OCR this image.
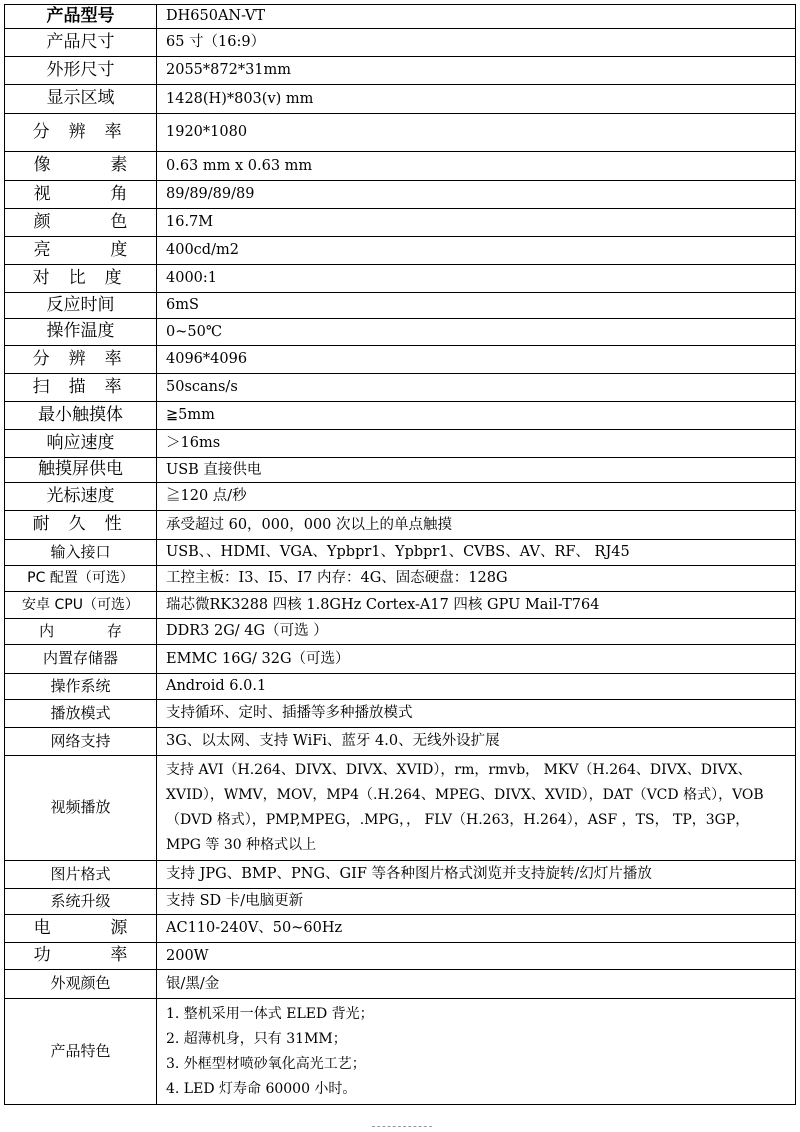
产品型号	DH650AN-VT
产品尺寸	65 寸（16:9）
外形尺寸	2055*872*31mm
显示区域	1428(H)*803(v) mm
分 辨 率	1920*1080
像 素	0.63 mm x 0.63 mm
视 角	89/89/89/89
颜 色	16.7M
亮 度	400cd/m2
对 比 度	4000:1
反应时间	6mS
操作温度	0~50℃
分 辨 率	4096*4096
扫 描 率	50scans/s
最小触摸体	≧5mm
响应速度	＞16ms
触摸屏供电	USB 直接供电
光标速度	≧120 点/秒
耐 久 性	承受超过 60，000，000 次以上的单点触摸
输入接口	USB、、HDMI、VGA、Ypbpr1、Ypbpr1、CVBS、AV、RF、 RJ45
PC 配置（可选）	工控主板：I3、I5、I7 内存：4G、固态硬盘：128G
安卓 CPU（可选）	瑞芯微RK3288 四核 1.8GHz Cortex-A17 四核 GPU Mail-T764
内 存	DDR3 2G/ 4G（可选 ）
内置存储器	EMMC 16G/ 32G（可选）
操作系统	Android 6.0.1
播放模式	支持循环、定时、插播等多种播放模式
网络支持	3G、以太网、支持 WiFi、蓝牙 4.0、无线外设扩展
视频播放	支持 AVI（H.264、DIVX、DIVX、XVID），rm，rmvb， MKV（H.264、DIVX、DIVX、
XVID），WMV，MOV，MP4（.H.264、MPEG、DIVX、XVID），DAT（VCD 格式），VOB
（DVD 格式），PMP,MPEG，.MPG，， FLV（H.263，H.264），ASF ，TS， TP，3GP，
MPG 等 30 种格式以上

图片格式	支持 JPG、BMP、PNG、GIF 等各种图片格式浏览并支持旋转/幻灯片播放
系统升级	支持 SD 卡/电脑更新
电 源	AC110-240V、50~60Hz
功 率	200W
外观颜色	银/黑/金
产品特色	1. 整机采用一体式 ELED 背光；
2. 超薄机身，只有 31MM；
3. 外框型材喷砂氧化高光工艺；
4. LED 灯寿命 60000 小时。
